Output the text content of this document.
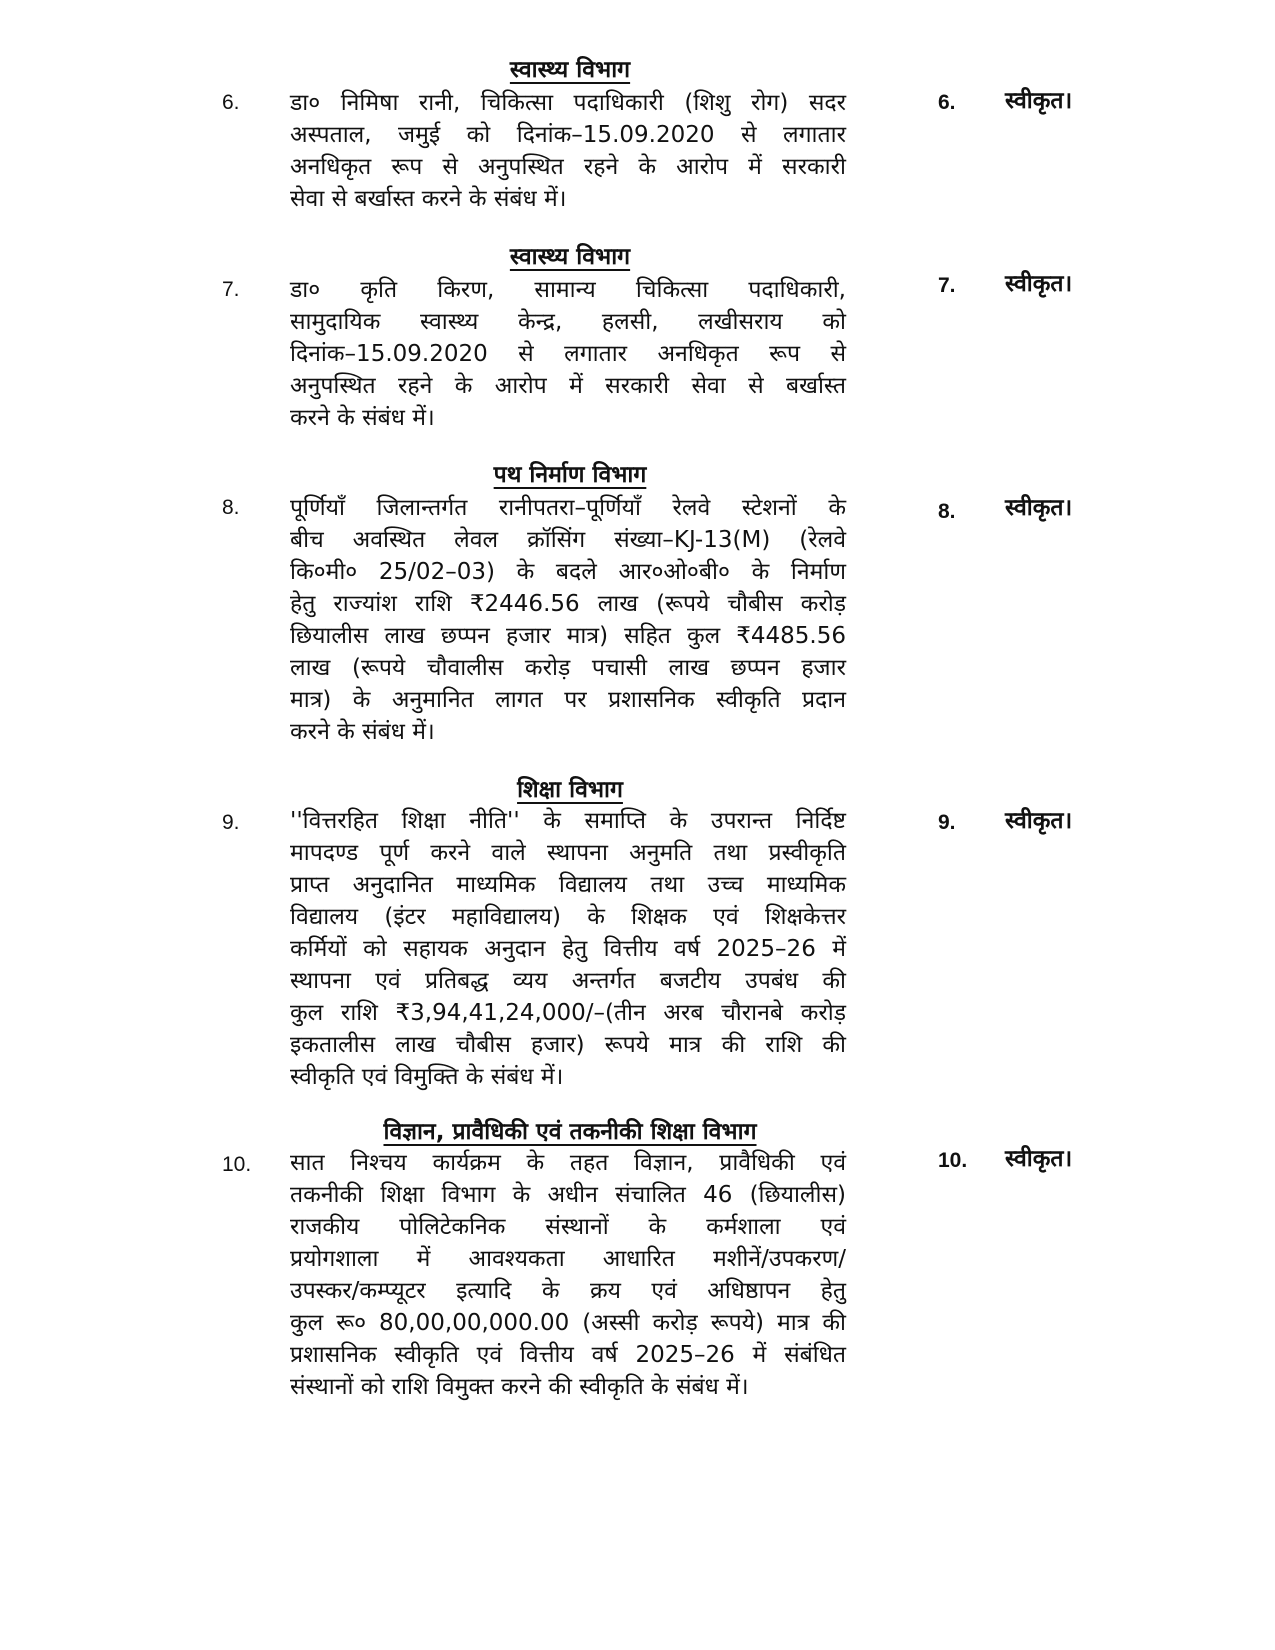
स्वास्थ्य विभाग
6. डा० निमिषा रानी, चिकित्सा पदाधिकारी (शिशु रोग) सदर
अस्पताल, जमुई को दिनांक–15.09.2020 से लगातार
अनधिकृत रूप से अनुपस्थित रहने के आरोप में सरकारी
सेवा से बर्खास्त करने के संबंध में।
6. स्वीकृत।
स्वास्थ्य विभाग
7. डा० कृति किरण, सामान्य चिकित्सा पदाधिकारी,
सामुदायिक स्वास्थ्य केन्द्र, हलसी, लखीसराय को
दिनांक–15.09.2020 से लगातार अनधिकृत रूप से
अनुपस्थित रहने के आरोप में सरकारी सेवा से बर्खास्त
करने के संबंध में।
7. स्वीकृत।
पथ निर्माण विभाग
8. पूर्णियाँ जिलान्तर्गत रानीपतरा–पूर्णियाँ रेलवे स्टेशनों के
बीच अवस्थित लेवल क्रॉसिंग संख्या–KJ-13(M) (रेलवे
कि०मी० 25/02–03) के बदले आर०ओ०बी० के निर्माण
हेतु राज्यांश राशि ₹2446.56 लाख (रूपये चौबीस करोड़
छियालीस लाख छप्पन हजार मात्र) सहित कुल ₹4485.56
लाख (रूपये चौवालीस करोड़ पचासी लाख छप्पन हजार
मात्र) के अनुमानित लागत पर प्रशासनिक स्वीकृति प्रदान
करने के संबंध में।
8. स्वीकृत।
शिक्षा विभाग
9. ''वित्तरहित शिक्षा नीति'' के समाप्ति के उपरान्त निर्दिष्ट
मापदण्ड पूर्ण करने वाले स्थापना अनुमति तथा प्रस्वीकृति
प्राप्त अनुदानित माध्यमिक विद्यालय तथा उच्च माध्यमिक
विद्यालय (इंटर महाविद्यालय) के शिक्षक एवं शिक्षकेत्तर
कर्मियों को सहायक अनुदान हेतु वित्तीय वर्ष 2025–26 में
स्थापना एवं प्रतिबद्ध व्यय अन्तर्गत बजटीय उपबंध की
कुल राशि ₹3,94,41,24,000/–(तीन अरब चौरानबे करोड़
इकतालीस लाख चौबीस हजार) रूपये मात्र की राशि की
स्वीकृति एवं विमुक्ति के संबंध में।
9. स्वीकृत।
विज्ञान, प्रावैधिकी एवं तकनीकी शिक्षा विभाग
10. सात निश्चय कार्यक्रम के तहत विज्ञान, प्रावैधिकी एवं
तकनीकी शिक्षा विभाग के अधीन संचालित 46 (छियालीस)
राजकीय पोलिटेकनिक संस्थानों के कर्मशाला एवं
प्रयोगशाला में आवश्यकता आधारित मशीनें/उपकरण/
उपस्कर/कम्प्यूटर इत्यादि के क्रय एवं अधिष्ठापन हेतु
कुल रू० 80,00,00,000.00 (अस्सी करोड़ रूपये) मात्र की
प्रशासनिक स्वीकृति एवं वित्तीय वर्ष 2025–26 में संबंधित
संस्थानों को राशि विमुक्त करने की स्वीकृति के संबंध में।
10. स्वीकृत।
